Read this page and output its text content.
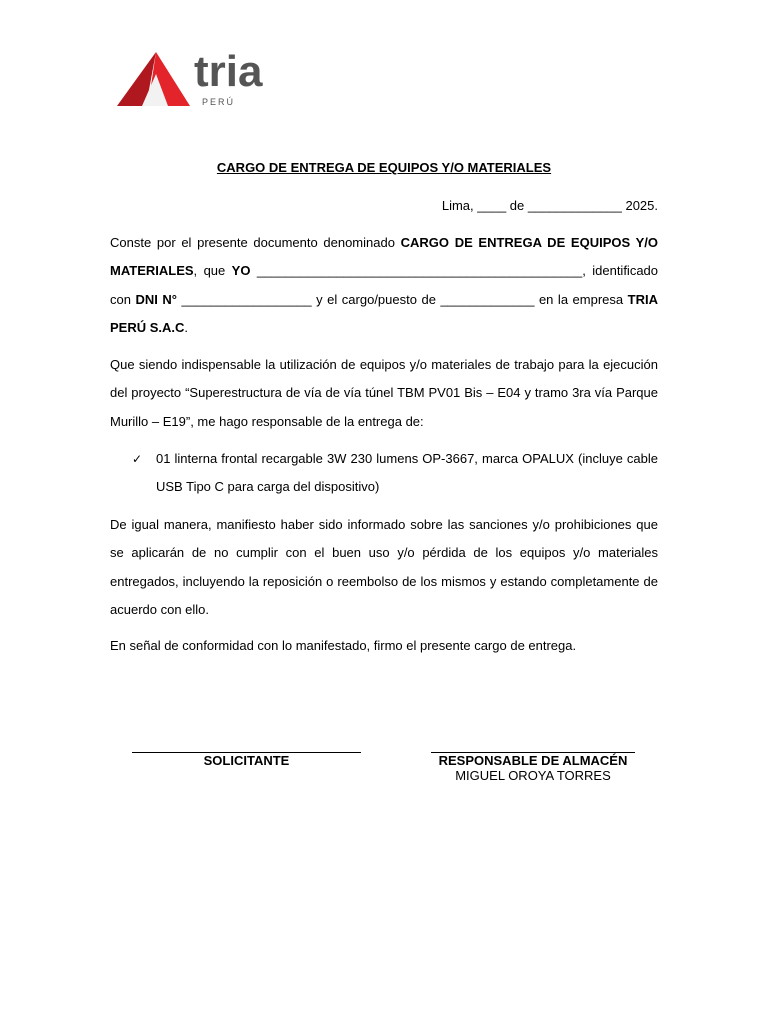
tria
PERÚ
CARGO DE ENTREGA DE EQUIPOS Y/O MATERIALES
Lima, ____ de _____________ 2025.
Conste por el presente documento denominado CARGO DE ENTREGA DE EQUIPOS Y/O MATERIALES, que YO _____________________________________________, identificado con DNI N° __________________ y el cargo/puesto de _____________ en la empresa TRIA PERÚ S.A.C.
Que siendo indispensable la utilización de equipos y/o materiales de trabajo para la ejecución del proyecto “Superestructura de vía de vía túnel TBM PV01 Bis – E04 y tramo 3ra vía Parque Murillo – E19”, me hago responsable de la entrega de:
✓ 01 linterna frontal recargable 3W 230 lumens OP-3667, marca OPALUX (incluye cable USB Tipo C para carga del dispositivo)
De igual manera, manifiesto haber sido informado sobre las sanciones y/o prohibiciones que se aplicarán de no cumplir con el buen uso y/o pérdida de los equipos y/o materiales entregados, incluyendo la reposición o reembolso de los mismos y estando completamente de acuerdo con ello.
En señal de conformidad con lo manifestado, firmo el presente cargo de entrega.
SOLICITANTE	RESPONSABLE DE ALMACÉN
MIGUEL OROYA TORRES
